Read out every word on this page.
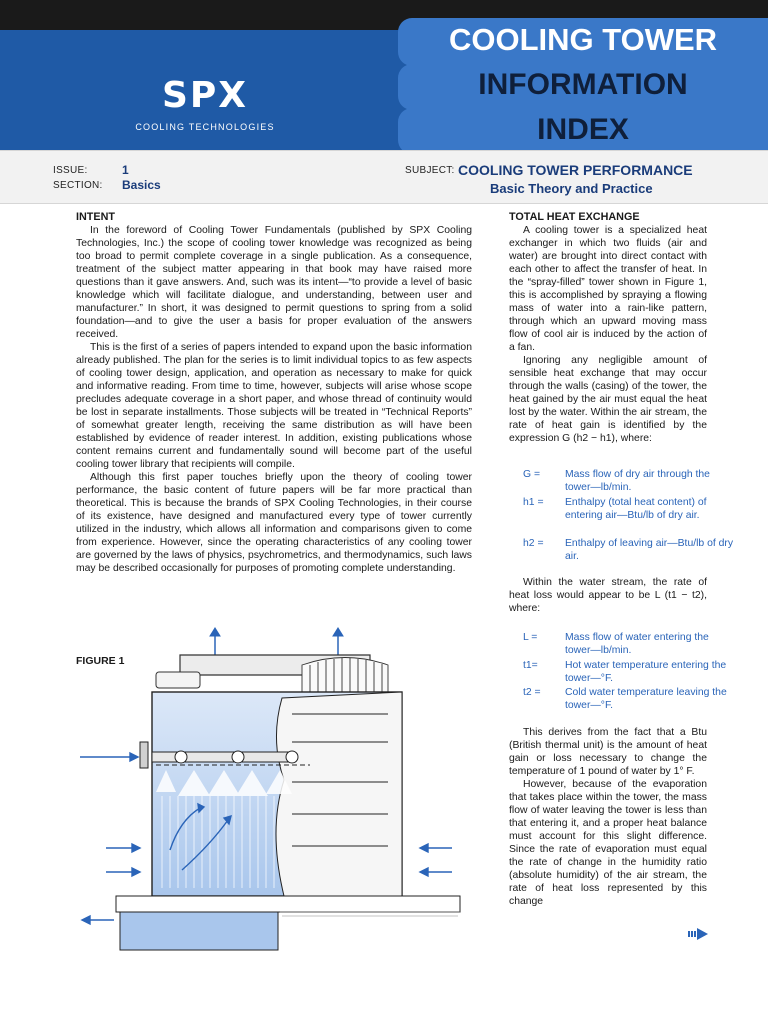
SPX
COOLING TECHNOLOGIES
COOLING TOWER
INFORMATION
INDEX
ISSUE:	1
SECTION: Basics
SUBJECT: COOLING TOWER PERFORMANCE
Basic Theory and Practice
INTENT

In the foreword of Cooling Tower Fundamentals (published by SPX Cooling Technologies, Inc.) the scope of cooling tower knowledge was recognized as being too broad to permit complete coverage in a single publication. As a consequence, treatment of the subject matter appearing in that book may have raised more questions than it gave answers. And, such was its intent—“to provide a level of basic knowledge which will facilitate dialogue, and understanding, between user and manufacturer.” In short, it was designed to permit questions to spring from a solid foundation—and to give the user a basis for proper evaluation of the answers received.

This is the first of a series of papers intended to expand upon the basic information already published. The plan for the series is to limit individual topics to as few aspects of cooling tower design, application, and operation as necessary to make for quick and informative reading. From time to time, however, subjects will arise whose scope precludes adequate coverage in a short paper, and whose thread of continuity would be lost in separate installments. Those subjects will be treated in “Technical Reports” of somewhat greater length, receiving the same distribution as will have been established by evidence of reader interest. In addition, existing publications whose content remains current and fundamentally sound will become part of the useful cooling tower library that recipients will compile.

Although this first paper touches briefly upon the theory of cooling tower performance, the basic content of future papers will be far more practical than theoretical. This is because the brands of SPX Cooling Technologies, in their course of its existence, have designed and manufactured every type of tower currently utilized in the industry, which allows all information and comparisons given to come from experience. However, since the operating characteristics of any cooling tower are governed by the laws of physics, psychrometrics, and thermodynamics, such laws may be described occasionally for purposes of promoting complete understanding.

FIGURE 1
TOTAL HEAT EXCHANGE

A cooling tower is a specialized heat exchanger in which two fluids (air and water) are brought into direct contact with each other to affect the transfer of heat. In the “spray-filled” tower shown in Figure 1, this is accomplished by spraying a flowing mass of water into a rain-like pattern, through which an upward moving mass flow of cool air is induced by the action of a fan.

Ignoring any negligible amount of sensible heat exchange that may occur through the walls (casing) of the tower, the heat gained by the air must equal the heat lost by the water. Within the air stream, the rate of heat gain is identified by the expression G (h2 − h1), where:

G =	Mass flow of dry air through the tower—lb/min.
h1 =	Enthalpy (total heat content) of entering air—Btu/lb of dry air.
h2 =	Enthalpy of leaving air—Btu/lb of dry air.

Within the water stream, the rate of heat loss would appear to be L (t1 − t2), where:

L =	Mass flow of water entering the tower—lb/min.
t1=	Hot water temperature entering the tower—°F.
t2 =	Cold water temperature leaving the tower—°F.

This derives from the fact that a Btu (British thermal unit) is the amount of heat gain or loss necessary to change the temperature of 1 pound of water by 1° F.

However, because of the evaporation that takes place within the tower, the mass flow of water leaving the tower is less than that entering it, and a proper heat balance must account for this slight difference. Since the rate of evaporation must equal the rate of change in the humidity ratio (absolute humidity) of the air stream, the rate of heat loss represented by this change
